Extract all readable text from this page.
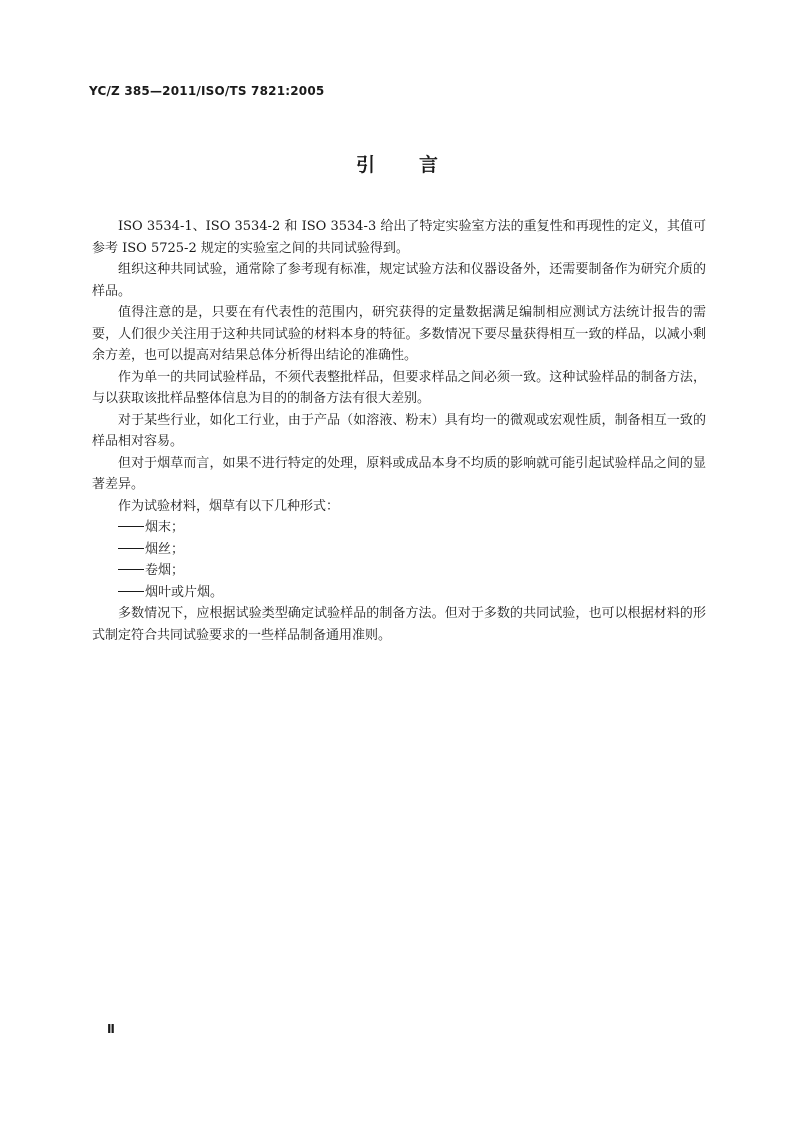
YC/Z 385—2011/ISO/TS 7821:2005
引言

ISO 3534-1、ISO 3534-2 和 ISO 3534-3 给出了特定实验室方法的重复性和再现性的定义，其值可参考 ISO 5725-2 规定的实验室之间的共同试验得到。

组织这种共同试验，通常除了参考现有标准，规定试验方法和仪器设备外，还需要制备作为研究介质的样品。

值得注意的是，只要在有代表性的范围内，研究获得的定量数据满足编制相应测试方法统计报告的需要，人们很少关注用于这种共同试验的材料本身的特征。多数情况下要尽量获得相互一致的样品，以减小剩余方差，也可以提高对结果总体分析得出结论的准确性。

作为单一的共同试验样品，不须代表整批样品，但要求样品之间必须一致。这种试验样品的制备方法，与以获取该批样品整体信息为目的的制备方法有很大差别。

对于某些行业，如化工行业，由于产品（如溶液、粉末）具有均一的微观或宏观性质，制备相互一致的样品相对容易。

但对于烟草而言，如果不进行特定的处理，原料或成品本身不均质的影响就可能引起试验样品之间的显著差异。

作为试验材料，烟草有以下几种形式：

烟末；
烟丝；
卷烟；
烟叶或片烟。

多数情况下，应根据试验类型确定试验样品的制备方法。但对于多数的共同试验，也可以根据材料的形式制定符合共同试验要求的一些样品制备通用准则。

Ⅱ
